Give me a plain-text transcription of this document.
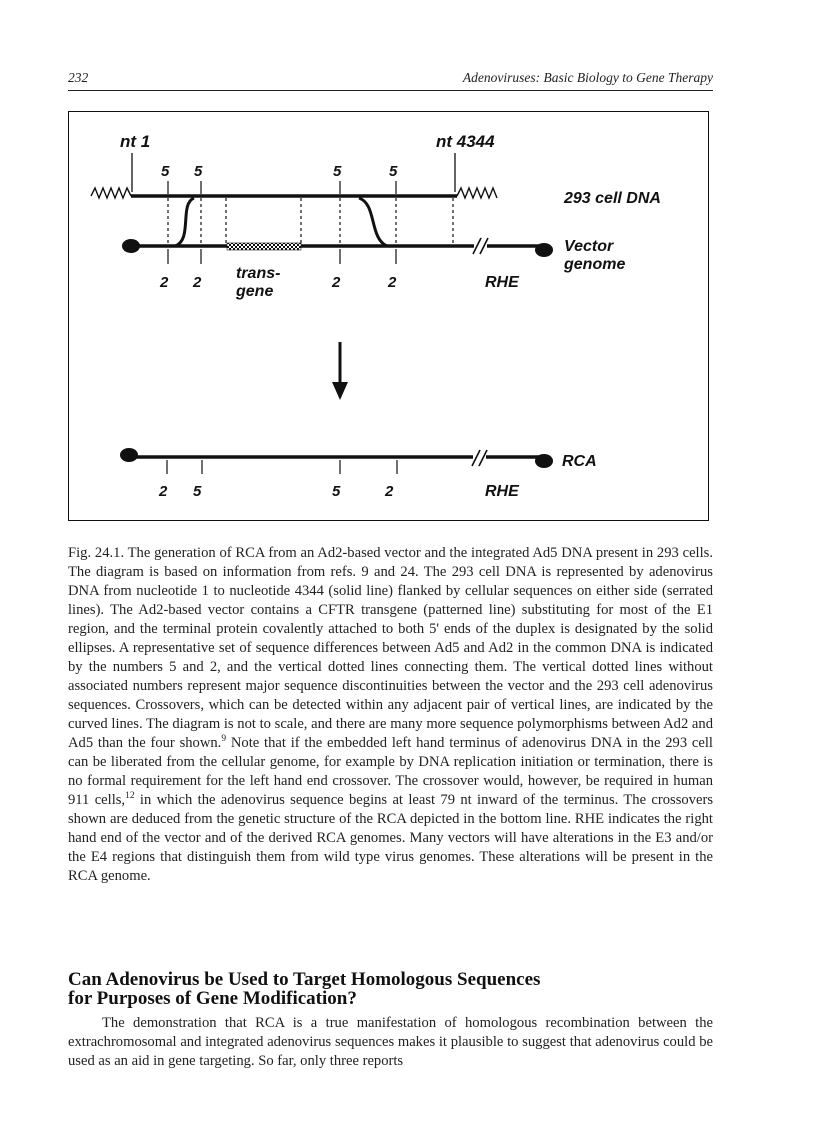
232	Adenoviruses: Basic Biology to Gene Therapy
nt 1	nt 4344
5 5	5	5
293 cell DNA
Vector
genome
2 2	2	2
trans-
gene
RHE
RCA
2 5	5	2	RHE

Fig. 24.1. The generation of RCA from an Ad2-based vector and the integrated Ad5 DNA present in 293 cells. The diagram is based on information from refs. 9 and 24. The 293 cell DNA is represented by adenovirus DNA from nucleotide 1 to nucleotide 4344 (solid line) flanked by cellular sequences on either side (serrated lines). The Ad2-based vector contains a CFTR transgene (patterned line) substituting for most of the E1 region, and the terminal protein covalently attached to both 5' ends of the duplex is designated by the solid ellipses. A representative set of sequence differences between Ad5 and Ad2 in the common DNA is indicated by the numbers 5 and 2, and the vertical dotted lines connecting them. The vertical dotted lines without associated numbers represent major sequence discontinuities between the vector and the 293 cell adenovirus sequences. Crossovers, which can be detected within any adjacent pair of vertical lines, are indicated by the curved lines. The diagram is not to scale, and there are many more sequence polymorphisms between Ad2 and Ad5 than the four shown.$^9$ Note that if the embedded left hand terminus of adenovirus DNA in the 293 cell can be liberated from the cellular genome, for example by DNA replication initiation or termination, there is no formal requirement for the left hand end crossover. The crossover would, however, be required in human 911 cells,$^{12}$ in which the adenovirus sequence begins at least 79 nt inward of the terminus. The crossovers shown are deduced from the genetic structure of the RCA depicted in the bottom line. RHE indicates the right hand end of the vector and of the derived RCA genomes. Many vectors will have alterations in the E3 and/or the E4 regions that distinguish them from wild type virus genomes. These alterations will be present in the RCA genome.

Can Adenovirus be Used to Target Homologous Sequences
for Purposes of Gene Modification?

The demonstration that RCA is a true manifestation of homologous recombination between the extrachromosomal and integrated adenovirus sequences makes it plausible to suggest that adenovirus could be used as an aid in gene targeting. So far, only three reports
